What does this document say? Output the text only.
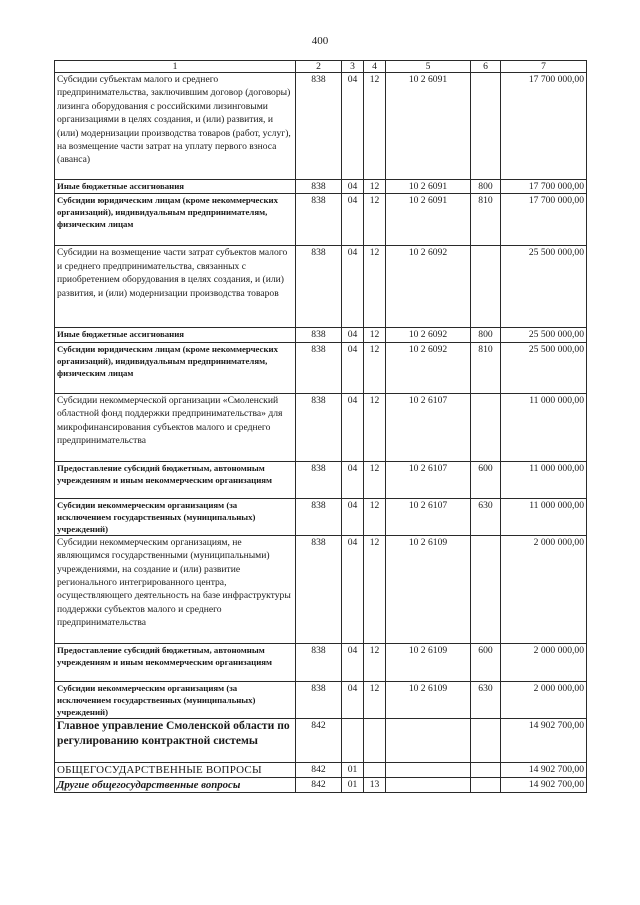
400
1	2	3	4	5	6	7
Субсидии субъектам малого и среднего предпринимательства, заключившим договор (договоры) лизинга оборудования с российскими лизинговыми организациями в целях создания, и (или) развития, и (или) модернизации производства товаров (работ, услуг), на возмещение части затрат на уплату первого взноса (аванса)	838	04	12	10 2 6091		17 700 000,00
Иные бюджетные ассигнования	838	04	12	10 2 6091	800	17 700 000,00
Субсидии юридическим лицам (кроме некоммерческих организаций), индивидуальным предпринимателям, физическим лицам	838	04	12	10 2 6091	810	17 700 000,00
Субсидии на возмещение части затрат субъектов малого и среднего предпринимательства, связанных с приобретением оборудования в целях создания, и (или) развития, и (или) модернизации производства товаров	838	04	12	10 2 6092		25 500 000,00
Иные бюджетные ассигнования	838	04	12	10 2 6092	800	25 500 000,00
Субсидии юридическим лицам (кроме некоммерческих организаций), индивидуальным предпринимателям, физическим лицам	838	04	12	10 2 6092	810	25 500 000,00
Субсидии некоммерческой организации «Смоленский областной фонд поддержки предпринимательства» для микрофинансирования субъектов малого и среднего предпринимательства	838	04	12	10 2 6107		11 000 000,00
Предоставление субсидий бюджетным, автономным учреждениям и иным некоммерческим организациям	838	04	12	10 2 6107	600	11 000 000,00
Субсидии некоммерческим организациям (за исключением государственных (муниципальных) учреждений)	838	04	12	10 2 6107	630	11 000 000,00
Субсидии некоммерческим организациям, не являющимся государственными (муниципальными) учреждениями, на создание и (или) развитие регионального интегрированного центра, осуществляющего деятельность на базе инфраструктуры поддержки субъектов малого и среднего предпринимательства	838	04	12	10 2 6109		2 000 000,00
Предоставление субсидий бюджетным, автономным учреждениям и иным некоммерческим организациям	838	04	12	10 2 6109	600	2 000 000,00
Субсидии некоммерческим организациям (за исключением государственных (муниципальных) учреждений)	838	04	12	10 2 6109	630	2 000 000,00
Главное управление Смоленской области по регулированию контрактной системы	842					14 902 700,00
ОБЩЕГОСУДАРСТВЕННЫЕ ВОПРОСЫ	842	01				14 902 700,00
Другие общегосударственные вопросы	842	01	13			14 902 700,00
